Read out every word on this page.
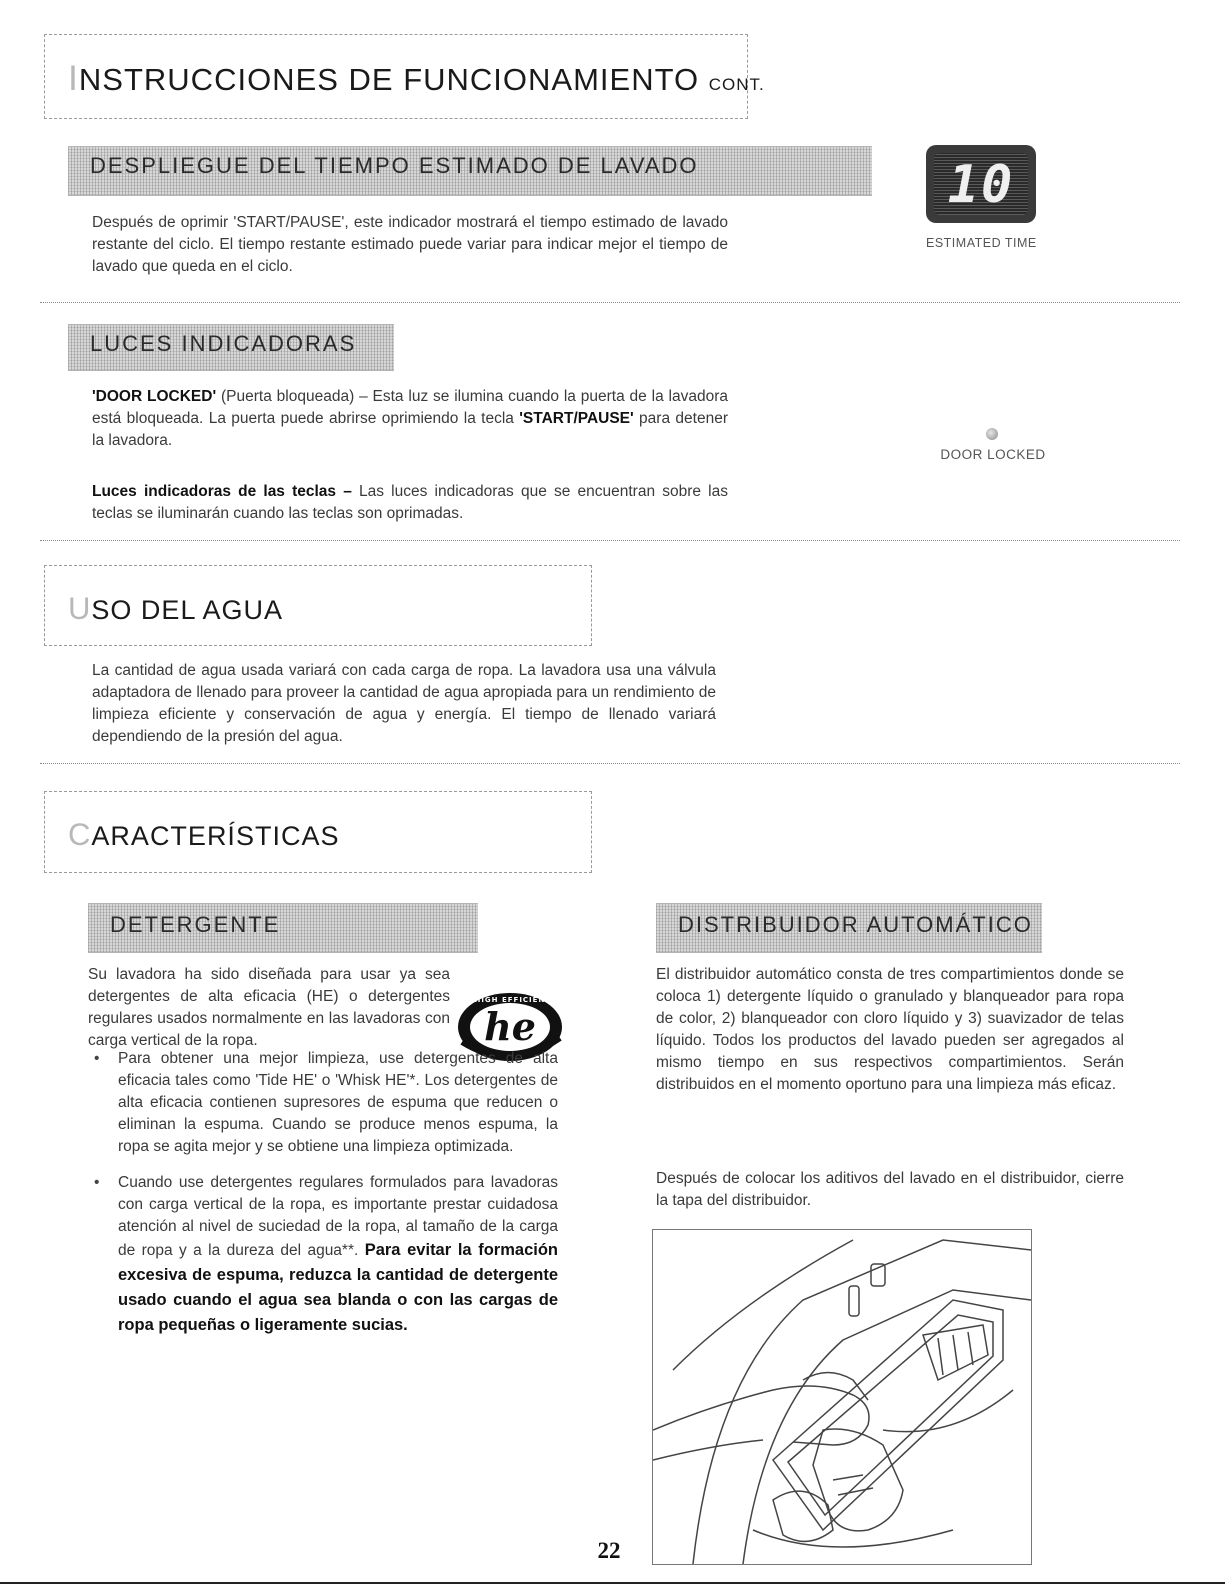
INSTRUCCIONES DE FUNCIONAMIENTO CONT.
DESPLIEGUE DEL TIEMPO ESTIMADO DE LAVADO

Después de oprimir 'START/PAUSE', este indicador mostrará el tiempo estimado de lavado restante del ciclo. El tiempo restante estimado puede variar para indicar mejor el tiempo de lavado que queda en el ciclo.

10
ESTIMATED TIME
LUCES INDICADORAS

'DOOR LOCKED' (Puerta bloqueada) – Esta luz se ilumina cuando la puerta de la lavadora está bloqueada. La puerta puede abrirse oprimiendo la tecla 'START/PAUSE' para detener la lavadora.

Luces indicadoras de las teclas – Las luces indicadoras que se encuentran sobre las teclas se iluminarán cuando las teclas son oprimadas.

DOOR LOCKED
USO DEL AGUA

La cantidad de agua usada variará con cada carga de ropa. La lavadora usa una válvula adaptadora de llenado para proveer la cantidad de agua apropiada para un rendimiento de limpieza eficiente y conservación de agua y energía. El tiempo de llenado variará dependiendo de la presión del agua.

CARACTERÍSTICAS
DETERGENTE

Su lavadora ha sido diseñada para usar ya sea detergentes de alta eficacia (HE) o detergentes regulares usados normalmente en las lavadoras con carga vertical de la ropa.	he
HIGH EFFICIENCY
• Para obtener una mejor limpieza, use detergentes de alta eficacia tales como 'Tide HE' o 'Whisk HE'*. Los detergentes de alta eficacia contienen supresores de espuma que reducen o eliminan la espuma. Cuando se produce menos espuma, la ropa se agita mejor y se obtiene una limpieza optimizada.
• Cuando use detergentes regulares formulados para lavadoras con carga vertical de la ropa, es importante prestar cuidadosa atención al nivel de suciedad de la ropa, al tamaño de la carga de ropa y a la dureza del agua**. Para evitar la formación excesiva de espuma, reduzca la cantidad de detergente usado cuando el agua sea blanda o con las cargas de ropa pequeñas o ligeramente sucias.
DISTRIBUIDOR AUTOMÁTICO

El distribuidor automático consta de tres compartimientos donde se coloca 1) detergente líquido o granulado y blanqueador para ropa de color, 2) blanqueador con cloro líquido y 3) suavizador de telas líquido. Todos los productos del lavado pueden ser agregados al mismo tiempo en sus respectivos compartimientos. Serán distribuidos en el momento oportuno para una limpieza más eficaz.

Después de colocar los aditivos del lavado en el distribuidor, cierre la tapa del distribuidor.

22
